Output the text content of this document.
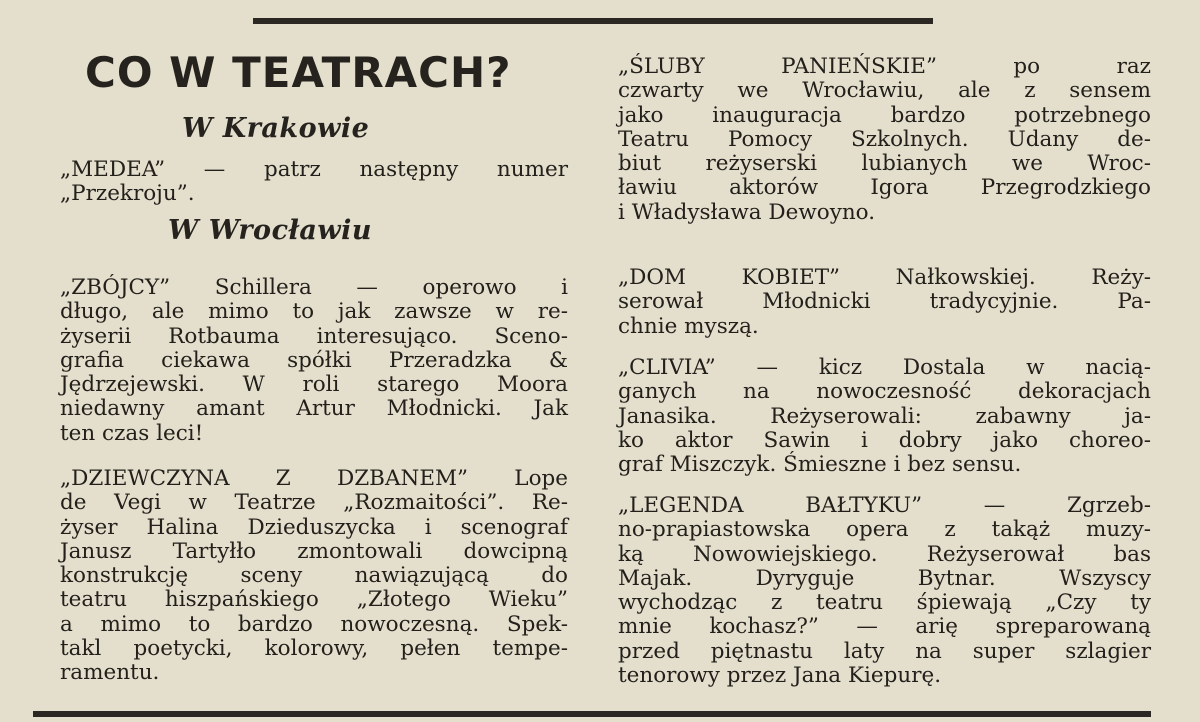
CO W TEATRACH?
W Krakowie
„MEDEA” — patrz następny numer
„Przekroju”.
W Wrocławiu
„ZBÓJCY” Schillera — operowo i
długo, ale mimo to jak zawsze w re-
żyserii Rotbauma interesująco. Sceno-
grafia ciekawa spółki Przeradzka &
Jędrzejewski. W roli starego Moora
niedawny amant Artur Młodnicki. Jak
ten czas leci!
„DZIEWCZYNA Z DZBANEM” Lope
de Vegi w Teatrze „Rozmaitości”. Re-
żyser Halina Dzieduszycka i scenograf
Janusz Tartyłło zmontowali dowcipną
konstrukcję sceny nawiązującą do
teatru hiszpańskiego „Złotego Wieku”
a mimo to bardzo nowoczesną. Spek-
takl poetycki, kolorowy, pełen tempe-
ramentu.
„ŚLUBY PANIEŃSKIE” po raz
czwarty we Wrocławiu, ale z sensem
jako inauguracja bardzo potrzebnego
Teatru Pomocy Szkolnych. Udany de-
biut reżyserski lubianych we Wroc-
ławiu aktorów Igora Przegrodzkiego
i Władysława Dewoyno.
„DOM KOBIET” Nałkowskiej. Reży-
serował Młodnicki tradycyjnie. Pa-
chnie myszą.
„CLIVIA” — kicz Dostala w nacią-
ganych na nowoczesność dekoracjach
Janasika. Reżyserowali: zabawny ja-
ko aktor Sawin i dobry jako choreo-
graf Miszczyk. Śmieszne i bez sensu.
„LEGENDA BAŁTYKU” — Zgrzeb-
no-prapiastowska opera z takąż muzy-
ką Nowowiejskiego. Reżyserował bas
Majak. Dyryguje Bytnar. Wszyscy
wychodząc z teatru śpiewają „Czy ty
mnie kochasz?” — arię spreparowaną
przed piętnastu laty na super szlagier
tenorowy przez Jana Kiepurę.
